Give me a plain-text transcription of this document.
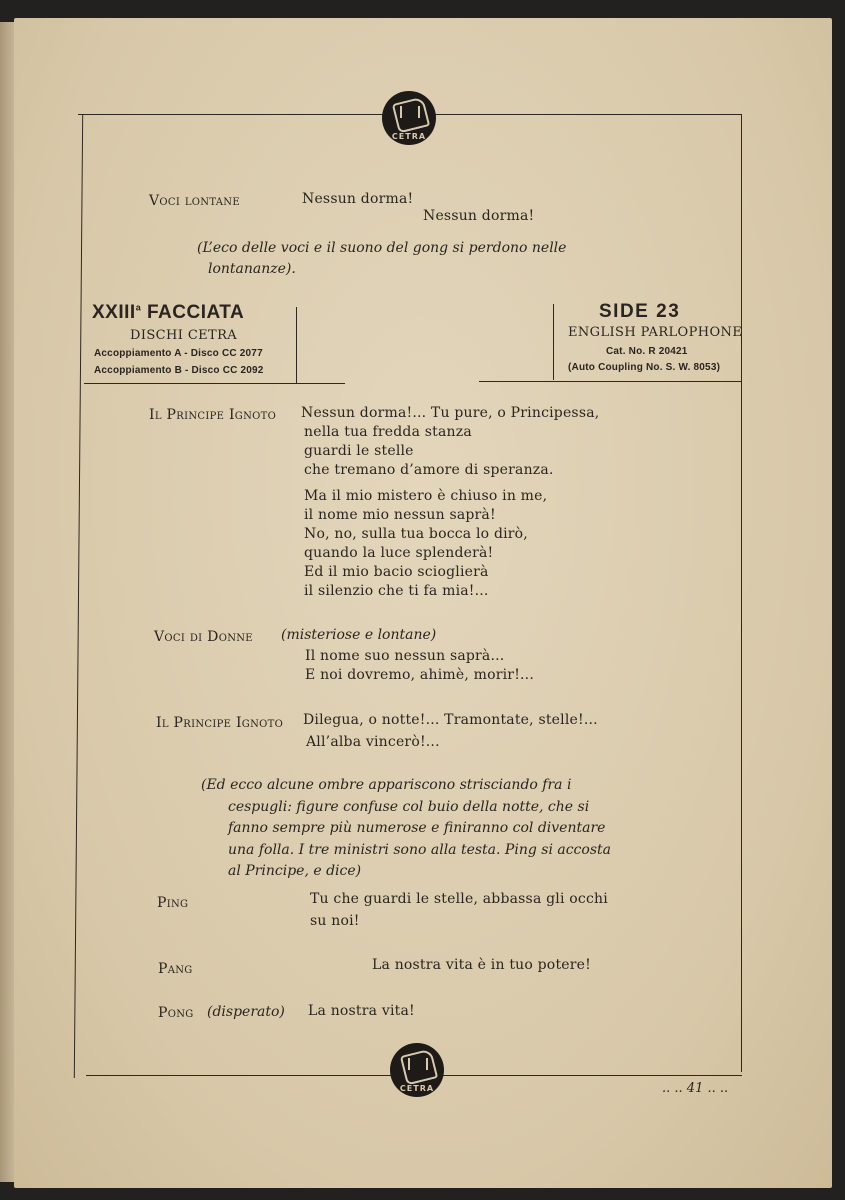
CETRA
Voci lontane	Nessun dorma!
Nessun dorma!
(L’eco delle voci e il suono del gong si perdono nelle
lontananze).
XXIII$^a$ FACCIATA
DISCHI CETRA
Accoppiamento A - Disco CC 2077
Accoppiamento B - Disco CC 2092
SIDE 23
ENGLISH PARLOPHONE
Cat. No. R 20421
(Auto Coupling No. S. W. 8053)
Il Principe Ignoto Nessun dorma!... Tu pure, o Principessa,
nella tua fredda stanza
guardi le stelle
che tremano d’amore di speranza.
Ma il mio mistero è chiuso in me,
il nome mio nessun saprà!
No, no, sulla tua bocca lo dirò,
quando la luce splenderà!
Ed il mio bacio scioglierà
il silenzio che ti fa mia!...
Voci di Donne (misteriose e lontane)
Il nome suo nessun saprà...
E noi dovremo, ahimè, morir!...
Il Principe Ignoto Dilegua, o notte!... Tramontate, stelle!...
All’alba vincerò!...
(Ed ecco alcune ombre appariscono strisciando fra i
cespugli: figure confuse col buio della notte, che si
fanno sempre più numerose e finiranno col diventare
una folla. I tre ministri sono alla testa. Ping si accosta
al Principe, e dice)
Ping	Tu che guardi le stelle, abbassa gli occhi
su noi!
Pang	La nostra vita è in tuo potere!
Pong (disperato) La nostra vita!
CETRA	.. .. 41 .. ..
